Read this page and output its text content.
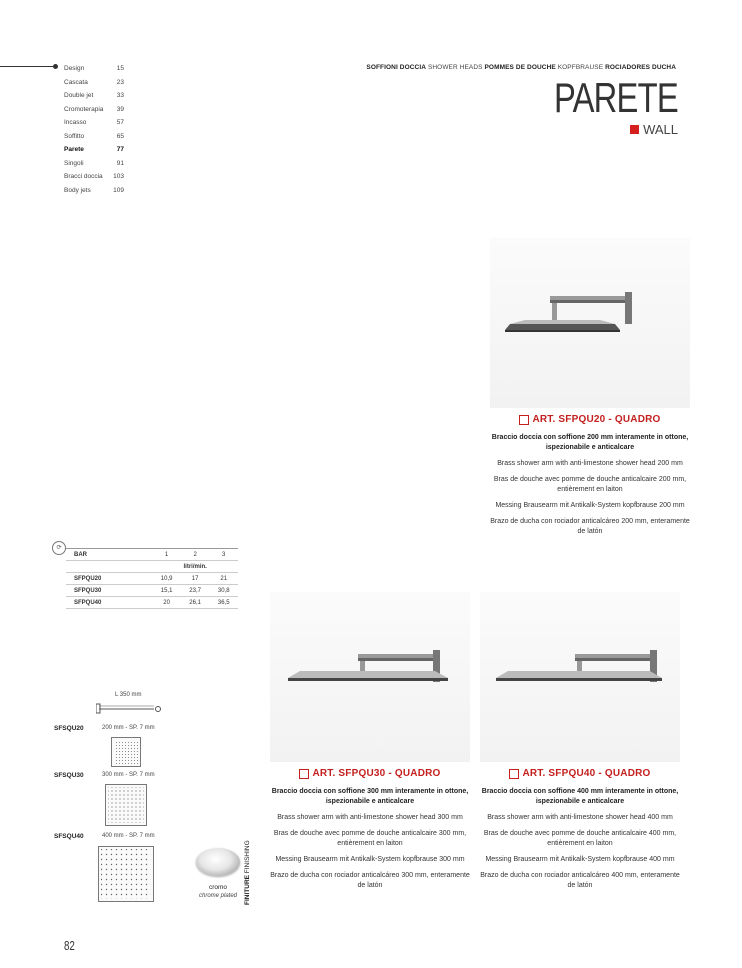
Design	15
Cascata	23
Double jet	33
Cromoterapia 39
Incasso	57
Soffitto	65
Parete	77
Singoli	91
Bracci doccia 103
Body jets	109
SOFFIONI DOCCIA SHOWER HEADS POMMES DE DOUCHE KOPFBRAUSE ROCIADORES DUCHA
PARETE
WALL
ART. SFPQU20 - QUADRO
Braccio doccia con soffione 200 mm interamente in ottone, ispezionabile e anticalcare
Brass shower arm with anti-limestone shower head 200 mm
Bras de douche avec pomme de douche anticalcaire 200 mm, entièrement en laiton
Messing Brausearm mit Antikalk-System kopfbrause 200 mm
Brazo de ducha con rociador anticalcáreo 200 mm, enteramente de latón
ART. SFPQU30 - QUADRO
Braccio doccia con soffione 300 mm interamente in ottone, ispezionabile e anticalcare
Brass shower arm with anti-limestone shower head 300 mm
Bras de douche avec pomme de douche anticalcaire 300 mm, entièrement en laiton
Messing Brausearm mit Antikalk-System kopfbrause 300 mm
Brazo de ducha con rociador anticalcáreo 300 mm, enteramente de latón
ART. SFPQU40 - QUADRO
Braccio doccia con soffione 400 mm interamente in ottone, ispezionabile e anticalcare
Brass shower arm with anti-limestone shower head 400 mm
Bras de douche avec pomme de douche anticalcaire 400 mm, entièrement en laiton
Messing Brausearm mit Antikalk-System kopfbrause 400 mm
Brazo de ducha con rociador anticalcáreo 400 mm, enteramente de latón
⟳
BAR	1	2	3
	litri/min.		
SFPQU20	10,9	17	21
SFPQU30	15,1	23,7	30,8
SFPQU40	20	26,1	36,5
L 350 mm
SFSQU20	200 mm - SP. 7 mm
SFSQU30	300 mm - SP. 7 mm
SFSQU40	400 mm - SP. 7 mm
cromo
chrome plated	FINITURE FINISHING
82
